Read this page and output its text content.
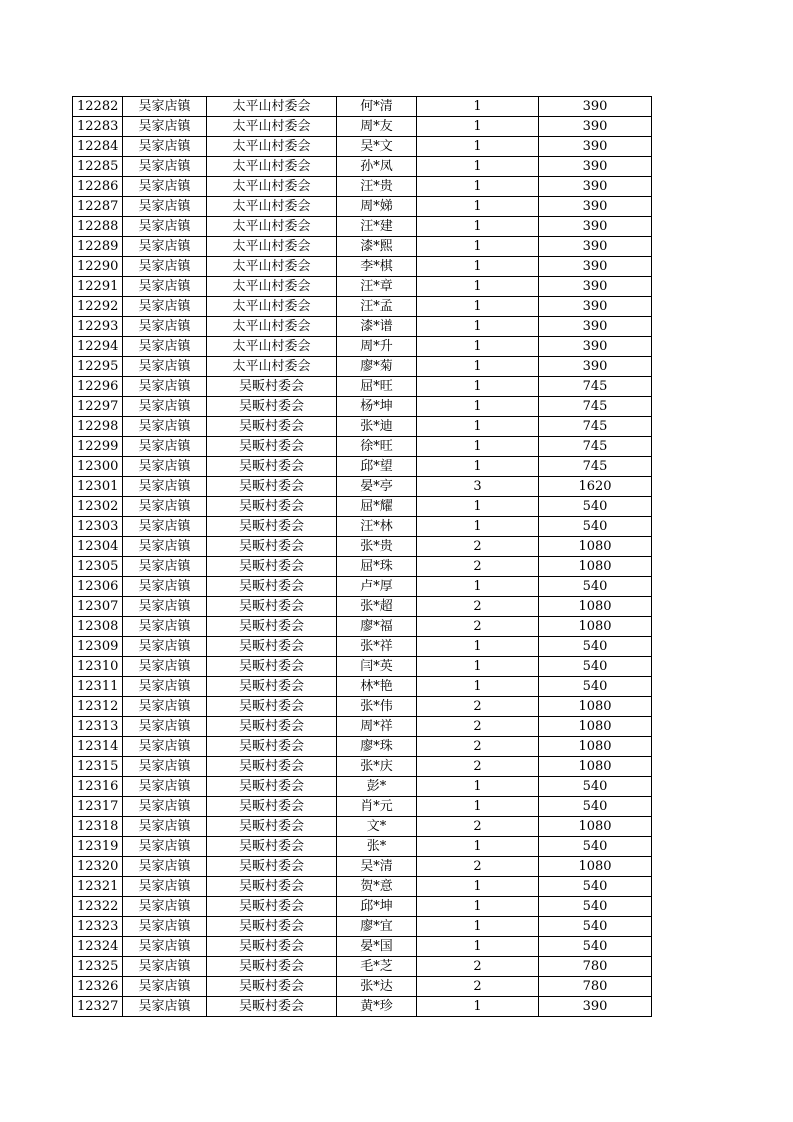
12282	吴家店镇	太平山村委会	何*清	1	390
12283	吴家店镇	太平山村委会	周*友	1	390
12284	吴家店镇	太平山村委会	吴*文	1	390
12285	吴家店镇	太平山村委会	孙*凤	1	390
12286	吴家店镇	太平山村委会	汪*贵	1	390
12287	吴家店镇	太平山村委会	周*娣	1	390
12288	吴家店镇	太平山村委会	汪*建	1	390
12289	吴家店镇	太平山村委会	漆*熙	1	390
12290	吴家店镇	太平山村委会	李*棋	1	390
12291	吴家店镇	太平山村委会	汪*章	1	390
12292	吴家店镇	太平山村委会	汪*孟	1	390
12293	吴家店镇	太平山村委会	漆*谱	1	390
12294	吴家店镇	太平山村委会	周*升	1	390
12295	吴家店镇	太平山村委会	廖*菊	1	390
12296	吴家店镇	吴畈村委会	屈*旺	1	745
12297	吴家店镇	吴畈村委会	杨*坤	1	745
12298	吴家店镇	吴畈村委会	张*迪	1	745
12299	吴家店镇	吴畈村委会	徐*旺	1	745
12300	吴家店镇	吴畈村委会	邱*望	1	745
12301	吴家店镇	吴畈村委会	晏*亭	3	1620
12302	吴家店镇	吴畈村委会	屈*耀	1	540
12303	吴家店镇	吴畈村委会	汪*林	1	540
12304	吴家店镇	吴畈村委会	张*贵	2	1080
12305	吴家店镇	吴畈村委会	屈*珠	2	1080
12306	吴家店镇	吴畈村委会	卢*厚	1	540
12307	吴家店镇	吴畈村委会	张*超	2	1080
12308	吴家店镇	吴畈村委会	廖*福	2	1080
12309	吴家店镇	吴畈村委会	张*祥	1	540
12310	吴家店镇	吴畈村委会	闫*英	1	540
12311	吴家店镇	吴畈村委会	林*艳	1	540
12312	吴家店镇	吴畈村委会	张*伟	2	1080
12313	吴家店镇	吴畈村委会	周*祥	2	1080
12314	吴家店镇	吴畈村委会	廖*珠	2	1080
12315	吴家店镇	吴畈村委会	张*庆	2	1080
12316	吴家店镇	吴畈村委会	彭*	1	540
12317	吴家店镇	吴畈村委会	肖*元	1	540
12318	吴家店镇	吴畈村委会	文*	2	1080
12319	吴家店镇	吴畈村委会	张*	1	540
12320	吴家店镇	吴畈村委会	吴*清	2	1080
12321	吴家店镇	吴畈村委会	贺*意	1	540
12322	吴家店镇	吴畈村委会	邱*坤	1	540
12323	吴家店镇	吴畈村委会	廖*宜	1	540
12324	吴家店镇	吴畈村委会	晏*国	1	540
12325	吴家店镇	吴畈村委会	毛*芝	2	780
12326	吴家店镇	吴畈村委会	张*达	2	780
12327	吴家店镇	吴畈村委会	黄*珍	1	390
